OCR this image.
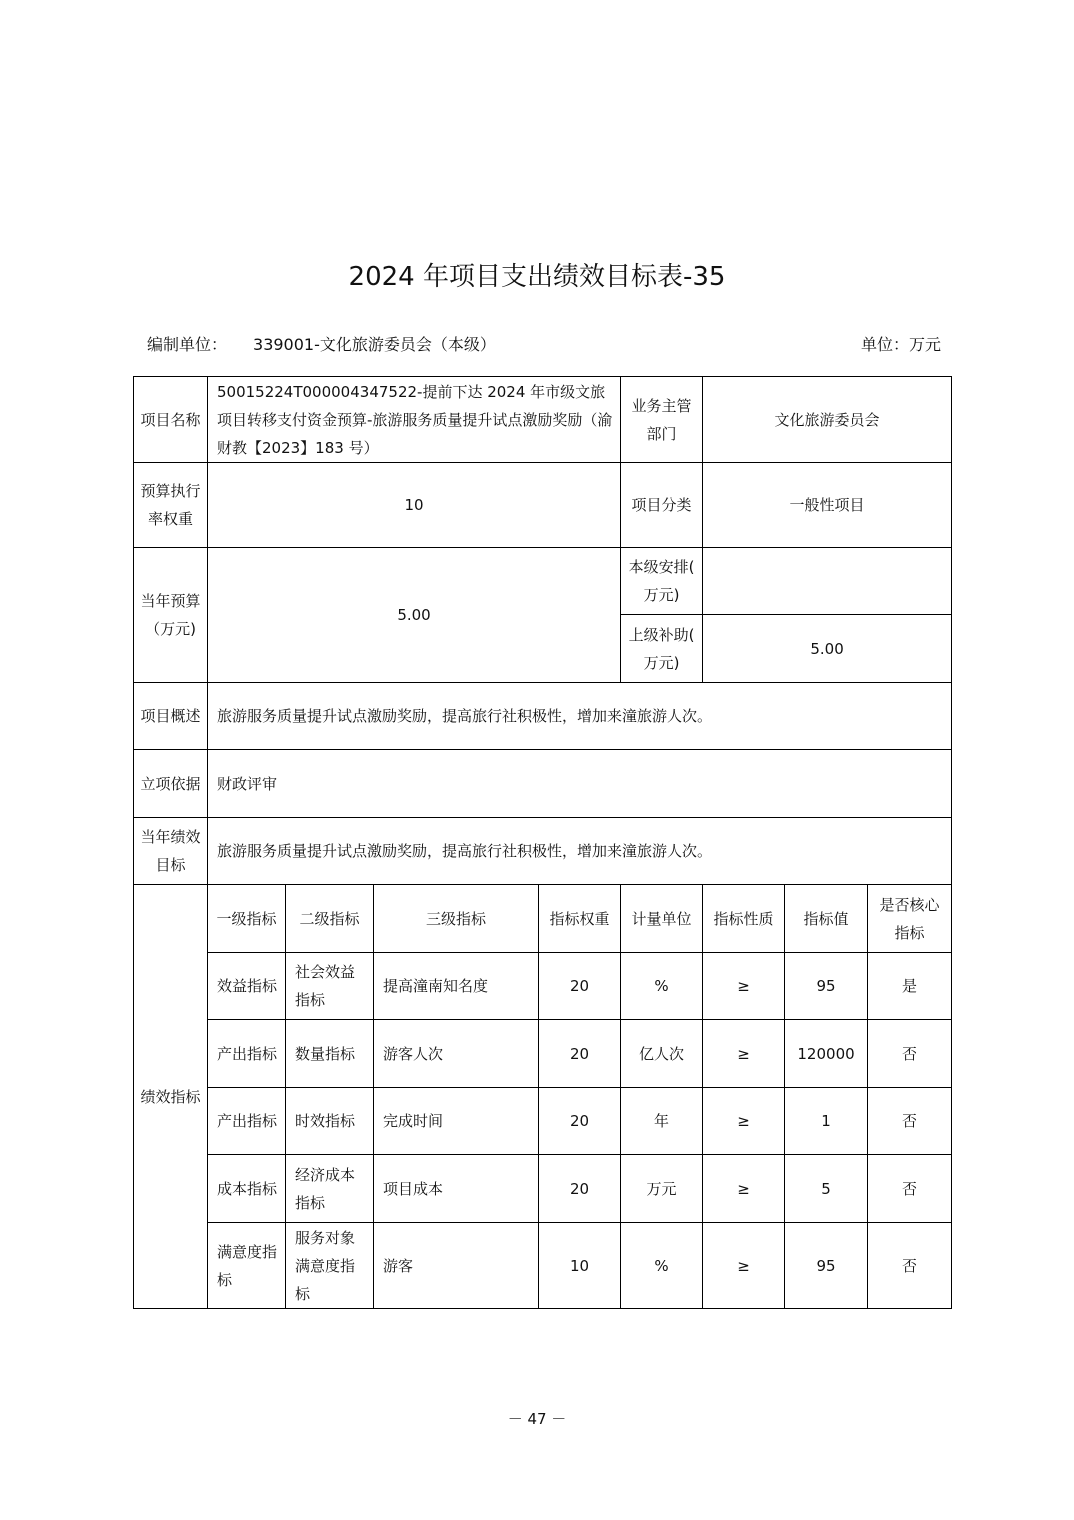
2024 年项目支出绩效目标表-35
编制单位： 339001-文化旅游委员会（本级）	单位：万元
项目名称	50015224T000004347522-提前下达 2024 年市级文旅项目转移支付资金预算-旅游服务质量提升试点激励奖励（渝财教【2023】183 号）				业务主管部门	文化旅游委员会		
预算执行率权重	10				项目分类	一般性项目		
当年预算（万元)	5.00				本级安排( 万元)			
					上级补助( 万元)	5.00		
项目概述	旅游服务质量提升试点激励奖励，提高旅行社积极性，增加来潼旅游人次。							
立项依据	财政评审							
当年绩效目标	旅游服务质量提升试点激励奖励，提高旅行社积极性，增加来潼旅游人次。							
绩效指标	一级指标	二级指标	三级指标	指标权重	计量单位	指标性质	指标值	是否核心指标
	效益指标	社会效益指标	提高潼南知名度	20	%	≥	95	是
	产出指标	数量指标	游客人次	20	亿人次	≥	120000	否
	产出指标	时效指标	完成时间	20	年	≥	1	否
	成本指标	经济成本指标	项目成本	20	万元	≥	5	否
	满意度指标	服务对象满意度指标	游客	10	%	≥	95	否
－ 47 －
